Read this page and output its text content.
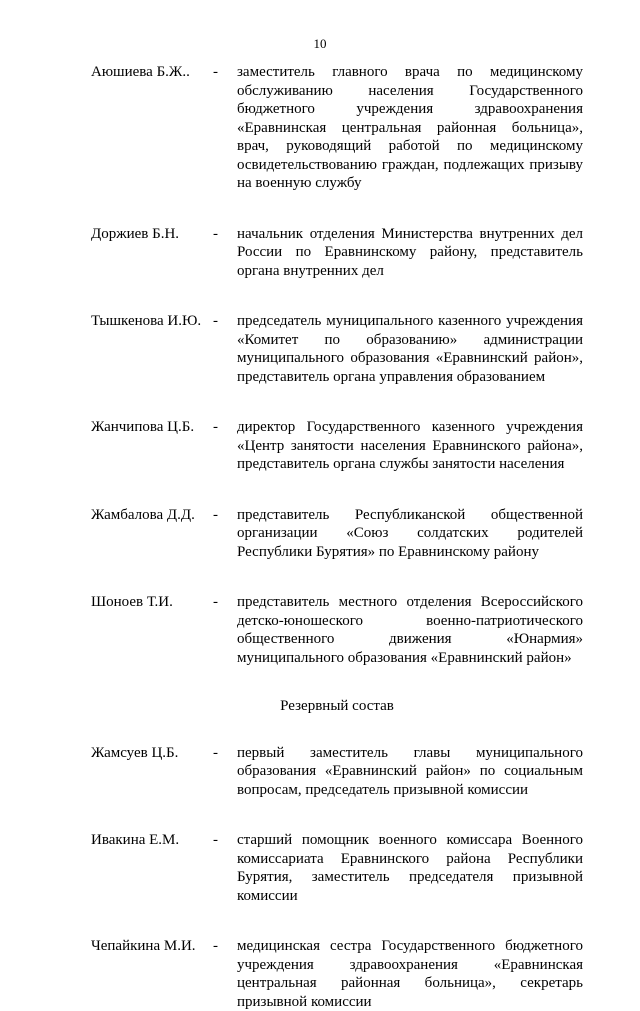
10
Аюшиева Б.Ж..	-	заместитель главного врача по медицинскому обслуживанию населения Государственного бюджетного учреждения здравоохранения «Еравнинская центральная районная больница», врач, руководящий работой по медицинскому освидетельствованию граждан, подлежащих призыву на военную службу
Доржиев Б.Н.	-	начальник отделения Министерства внутренних дел России по Еравнинскому району, представитель органа внутренних дел
Тышкенова И.Ю. -	председатель муниципального казенного учреждения «Комитет по образованию» администрации муниципального образования «Еравнинский район», представитель органа управления образованием
Жанчипова Ц.Б.	-	директор Государственного казенного учреждения «Центр занятости населения Еравнинского района», представитель органа службы занятости населения
Жамбалова Д.Д.	-	представитель Республиканской общественной организации «Союз солдатских родителей Республики Бурятия» по Еравнинскому району
Шоноев Т.И.	-	представитель местного отделения Всероссийского детско-юношеского военно-патриотического общественного движения «Юнармия» муниципального образования «Еравнинский район»
Резервный состав
Жамсуев Ц.Б.	-	первый заместитель главы муниципального образования «Еравнинский район» по социальным вопросам, председатель призывной комиссии
Ивакина Е.М.	-	старший помощник военного комиссара Военного комиссариата Еравнинского района Республики Бурятия, заместитель председателя призывной комиссии
Чепайкина М.И.	-	медицинская сестра Государственного бюджетного учреждения здравоохранения «Еравнинская центральная районная больница», секретарь призывной комиссии
